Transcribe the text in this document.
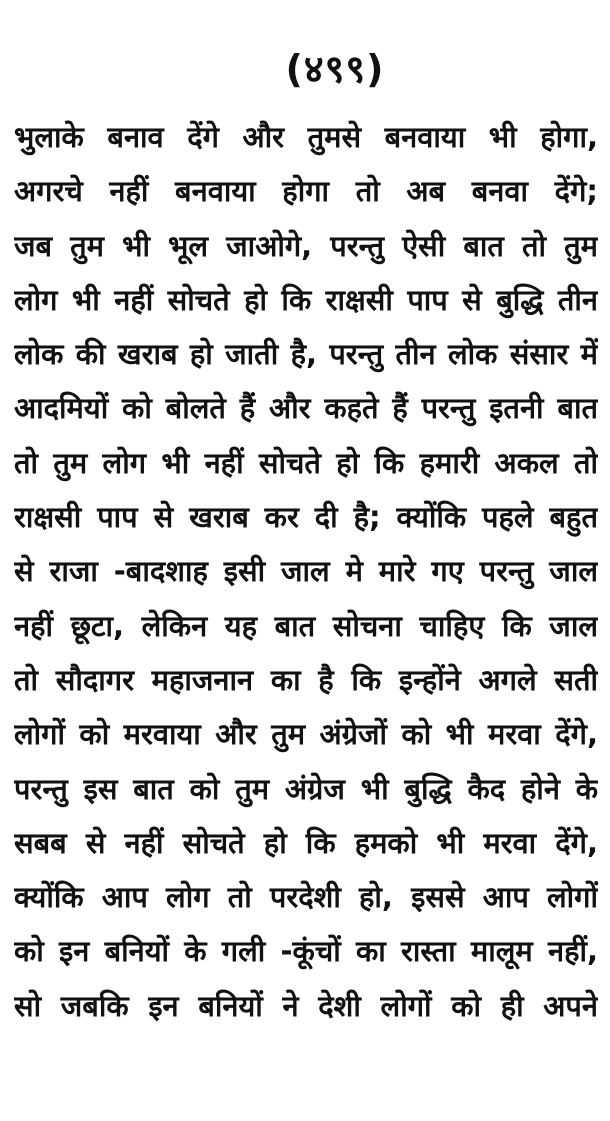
(४९९)
भुलाके बनाव देंगे और तुमसे बनवाया भी होगा,
अगरचे नहीं बनवाया होगा तो अब बनवा देंगे;
जब तुम भी भूल जाओगे, परन्तु ऐसी बात तो तुम
लोग भी नहीं सोचते हो कि राक्षसी पाप से बुद्धि तीन
लोक की खराब हो जाती है, परन्तु तीन लोक संसार में
आदमियों को बोलते हैं और कहते हैं परन्तु इतनी बात
तो तुम लोग भी नहीं सोचते हो कि हमारी अकल तो
राक्षसी पाप से खराब कर दी है; क्योंकि पहले बहुत
से राजा -बादशाह इसी जाल मे मारे गए परन्तु जाल
नहीं छूटा, लेकिन यह बात सोचना चाहिए कि जाल
तो सौदागर महाजनान का है कि इन्होंने अगले सती
लोगों को मरवाया और तुम अंग्रेजों को भी मरवा देंगे,
परन्तु इस बात को तुम अंग्रेज भी बुद्धि कैद होने के
सबब से नहीं सोचते हो कि हमको भी मरवा देंगे,
क्योंकि आप लोग तो परदेशी हो, इससे आप लोगों
को इन बनियों के गली -कूंचों का रास्ता मालूम नहीं,
सो जबकि इन बनियों ने देशी लोगों को ही अपने
